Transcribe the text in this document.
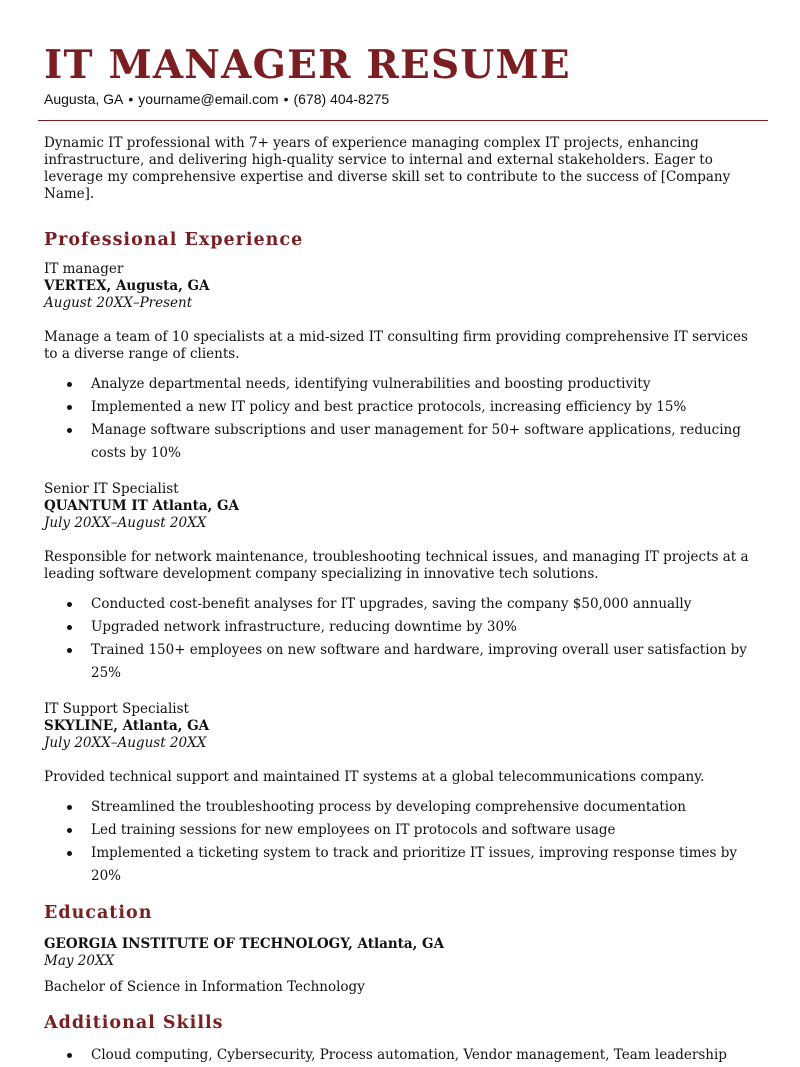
IT MANAGER RESUME
Augusta, GA • yourname@email.com • (678) 404-8275

Dynamic IT professional with 7+ years of experience managing complex IT projects, enhancing infrastructure, and delivering high-quality service to internal and external stakeholders. Eager to leverage my comprehensive expertise and diverse skill set to contribute to the success of [Company Name].

Professional Experience
IT manager
VERTEX, Augusta, GA
August 20XX–Present
Manage a team of 10 specialists at a mid-sized IT consulting firm providing comprehensive IT services to a diverse range of clients.
Analyze departmental needs, identifying vulnerabilities and boosting productivity
Implemented a new IT policy and best practice protocols, increasing efficiency by 15%
Manage software subscriptions and user management for 50+ software applications, reducing costs by 10%
Senior IT Specialist
QUANTUM IT Atlanta, GA
July 20XX–August 20XX
Responsible for network maintenance, troubleshooting technical issues, and managing IT projects at a leading software development company specializing in innovative tech solutions.
Conducted cost-benefit analyses for IT upgrades, saving the company $50,000 annually
Upgraded network infrastructure, reducing downtime by 30%
Trained 150+ employees on new software and hardware, improving overall user satisfaction by 25%
IT Support Specialist
SKYLINE, Atlanta, GA
July 20XX–August 20XX
Provided technical support and maintained IT systems at a global telecommunications company.
Streamlined the troubleshooting process by developing comprehensive documentation
Led training sessions for new employees on IT protocols and software usage
Implemented a ticketing system to track and prioritize IT issues, improving response times by 20%
Education
GEORGIA INSTITUTE OF TECHNOLOGY, Atlanta, GA
May 20XX
Bachelor of Science in Information Technology
Additional Skills
Cloud computing, Cybersecurity, Process automation, Vendor management, Team leadership
